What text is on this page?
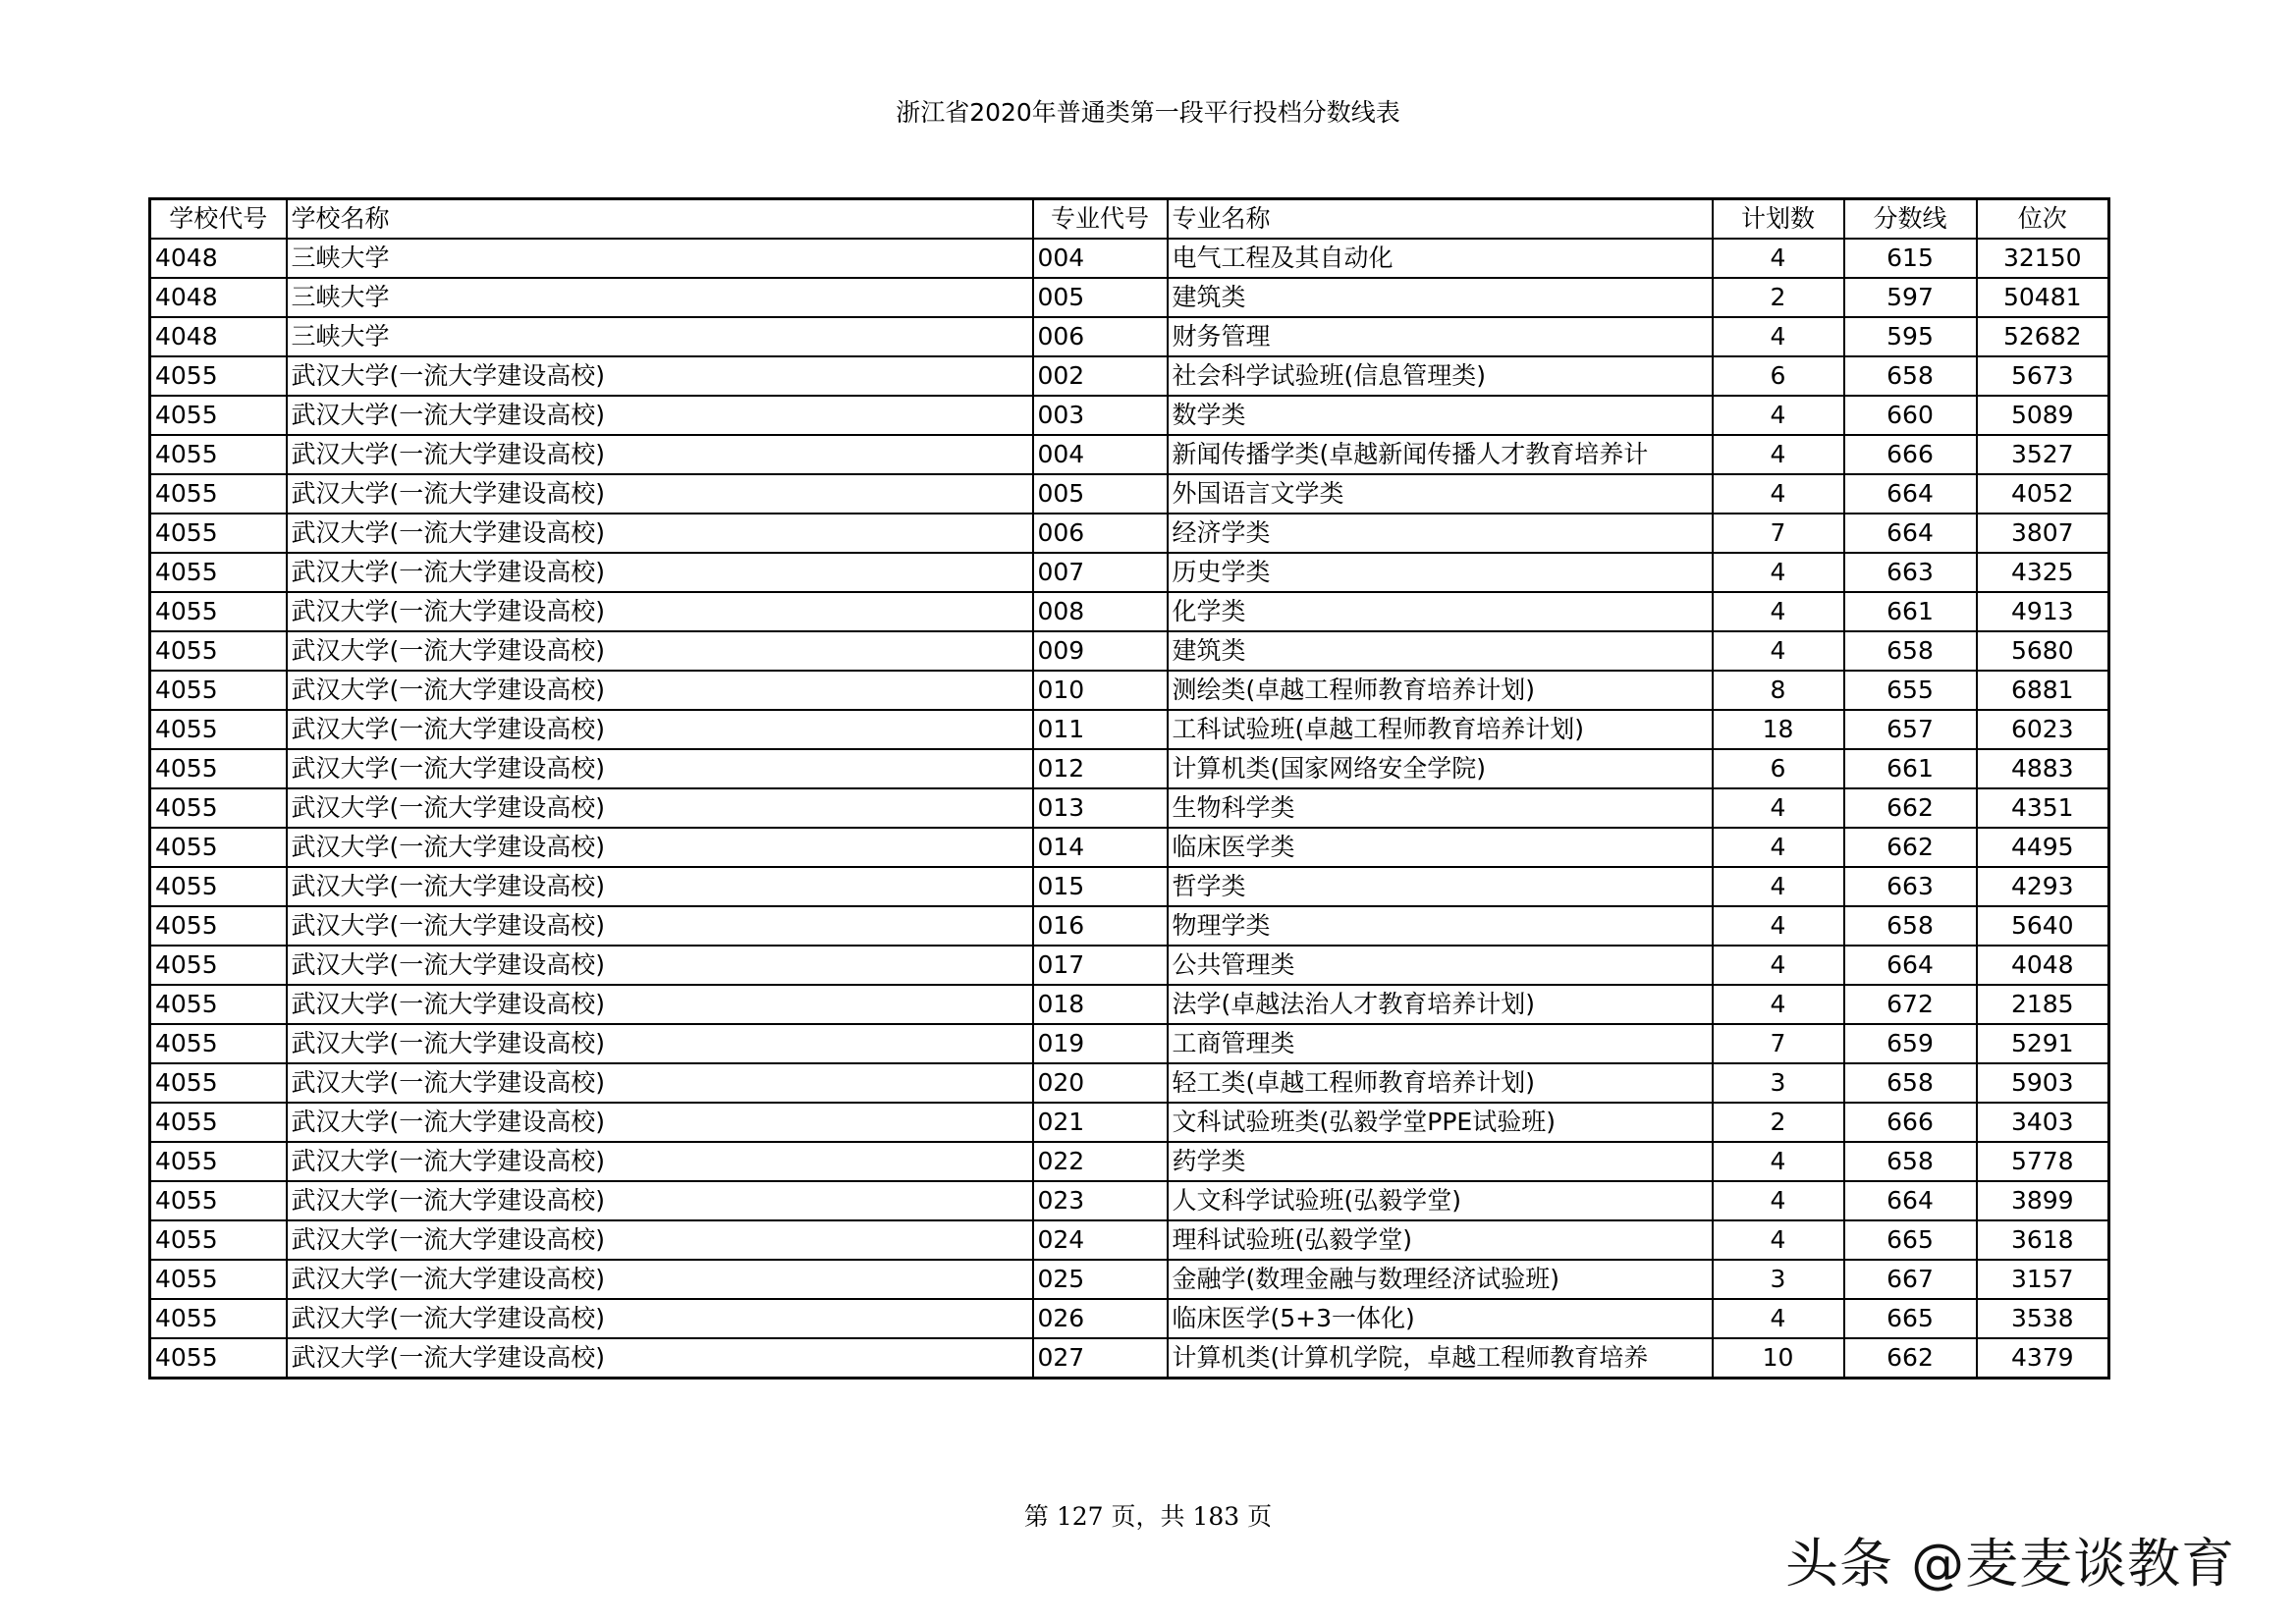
浙江省2020年普通类第一段平行投档分数线表
学校代号	学校名称	专业代号	专业名称	计划数	分数线	位次
4048	三峡大学	004	电气工程及其自动化	4	615	32150
4048	三峡大学	005	建筑类	2	597	50481
4048	三峡大学	006	财务管理	4	595	52682
4055	武汉大学(一流大学建设高校)	002	社会科学试验班(信息管理类)	6	658	5673
4055	武汉大学(一流大学建设高校)	003	数学类	4	660	5089
4055	武汉大学(一流大学建设高校)	004	新闻传播学类(卓越新闻传播人才教育培养计	4	666	3527
4055	武汉大学(一流大学建设高校)	005	外国语言文学类	4	664	4052
4055	武汉大学(一流大学建设高校)	006	经济学类	7	664	3807
4055	武汉大学(一流大学建设高校)	007	历史学类	4	663	4325
4055	武汉大学(一流大学建设高校)	008	化学类	4	661	4913
4055	武汉大学(一流大学建设高校)	009	建筑类	4	658	5680
4055	武汉大学(一流大学建设高校)	010	测绘类(卓越工程师教育培养计划)	8	655	6881
4055	武汉大学(一流大学建设高校)	011	工科试验班(卓越工程师教育培养计划)	18	657	6023
4055	武汉大学(一流大学建设高校)	012	计算机类(国家网络安全学院)	6	661	4883
4055	武汉大学(一流大学建设高校)	013	生物科学类	4	662	4351
4055	武汉大学(一流大学建设高校)	014	临床医学类	4	662	4495
4055	武汉大学(一流大学建设高校)	015	哲学类	4	663	4293
4055	武汉大学(一流大学建设高校)	016	物理学类	4	658	5640
4055	武汉大学(一流大学建设高校)	017	公共管理类	4	664	4048
4055	武汉大学(一流大学建设高校)	018	法学(卓越法治人才教育培养计划)	4	672	2185
4055	武汉大学(一流大学建设高校)	019	工商管理类	7	659	5291
4055	武汉大学(一流大学建设高校)	020	轻工类(卓越工程师教育培养计划)	3	658	5903
4055	武汉大学(一流大学建设高校)	021	文科试验班类(弘毅学堂PPE试验班)	2	666	3403
4055	武汉大学(一流大学建设高校)	022	药学类	4	658	5778
4055	武汉大学(一流大学建设高校)	023	人文科学试验班(弘毅学堂)	4	664	3899
4055	武汉大学(一流大学建设高校)	024	理科试验班(弘毅学堂)	4	665	3618
4055	武汉大学(一流大学建设高校)	025	金融学(数理金融与数理经济试验班)	3	667	3157
4055	武汉大学(一流大学建设高校)	026	临床医学(5+3一体化)	4	665	3538
4055	武汉大学(一流大学建设高校)	027	计算机类(计算机学院，卓越工程师教育培养	10	662	4379
第 127 页，共 183 页
头条 @麦麦谈教育
